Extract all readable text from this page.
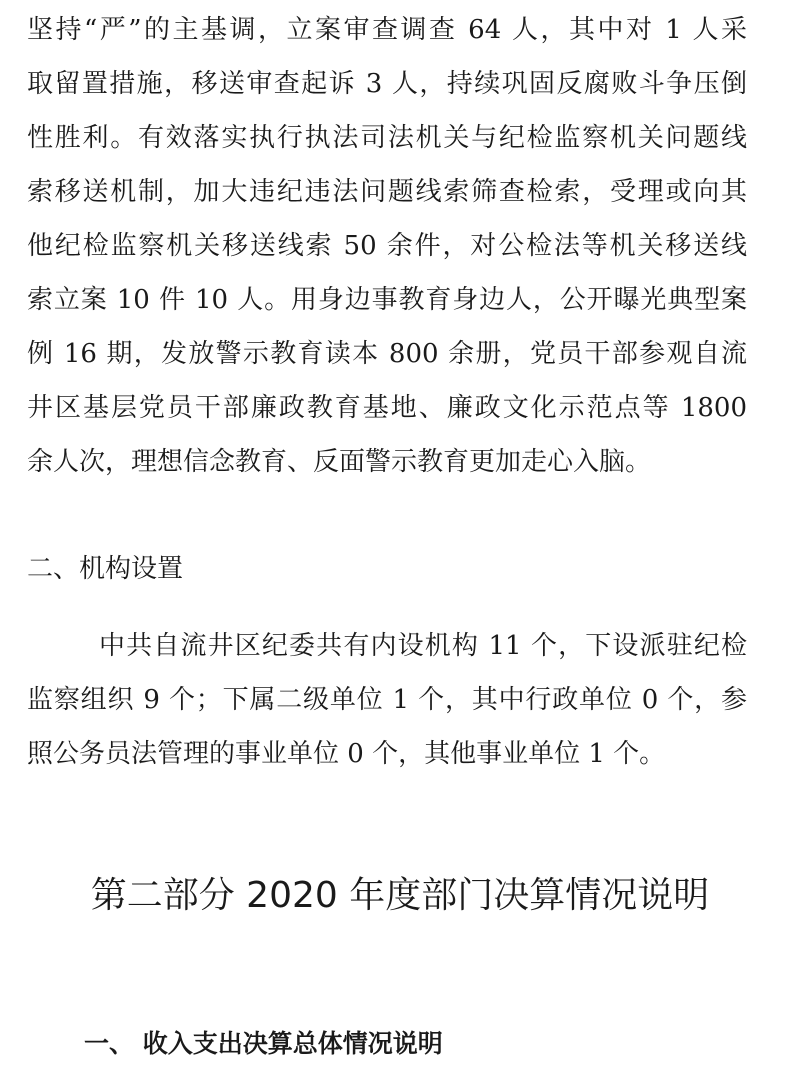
坚持“严”的主基调，立案审查调查 64 人，其中对 1 人采
取留置措施，移送审查起诉 3 人，持续巩固反腐败斗争压倒
性胜利。有效落实执行执法司法机关与纪检监察机关问题线
索移送机制，加大违纪违法问题线索筛查检索，受理或向其
他纪检监察机关移送线索 50 余件，对公检法等机关移送线
索立案 10 件 10 人。用身边事教育身边人，公开曝光典型案
例 16 期，发放警示教育读本 800 余册，党员干部参观自流
井区基层党员干部廉政教育基地、廉政文化示范点等 1800
余人次，理想信念教育、反面警示教育更加走心入脑。
二、机构设置
中共自流井区纪委共有内设机构 11 个，下设派驻纪检
监察组织 9 个；下属二级单位 1 个，其中行政单位 0 个，参
照公务员法管理的事业单位 0 个，其他事业单位 1 个。
第二部分 2020 年度部门决算情况说明
一、 收入支出决算总体情况说明
